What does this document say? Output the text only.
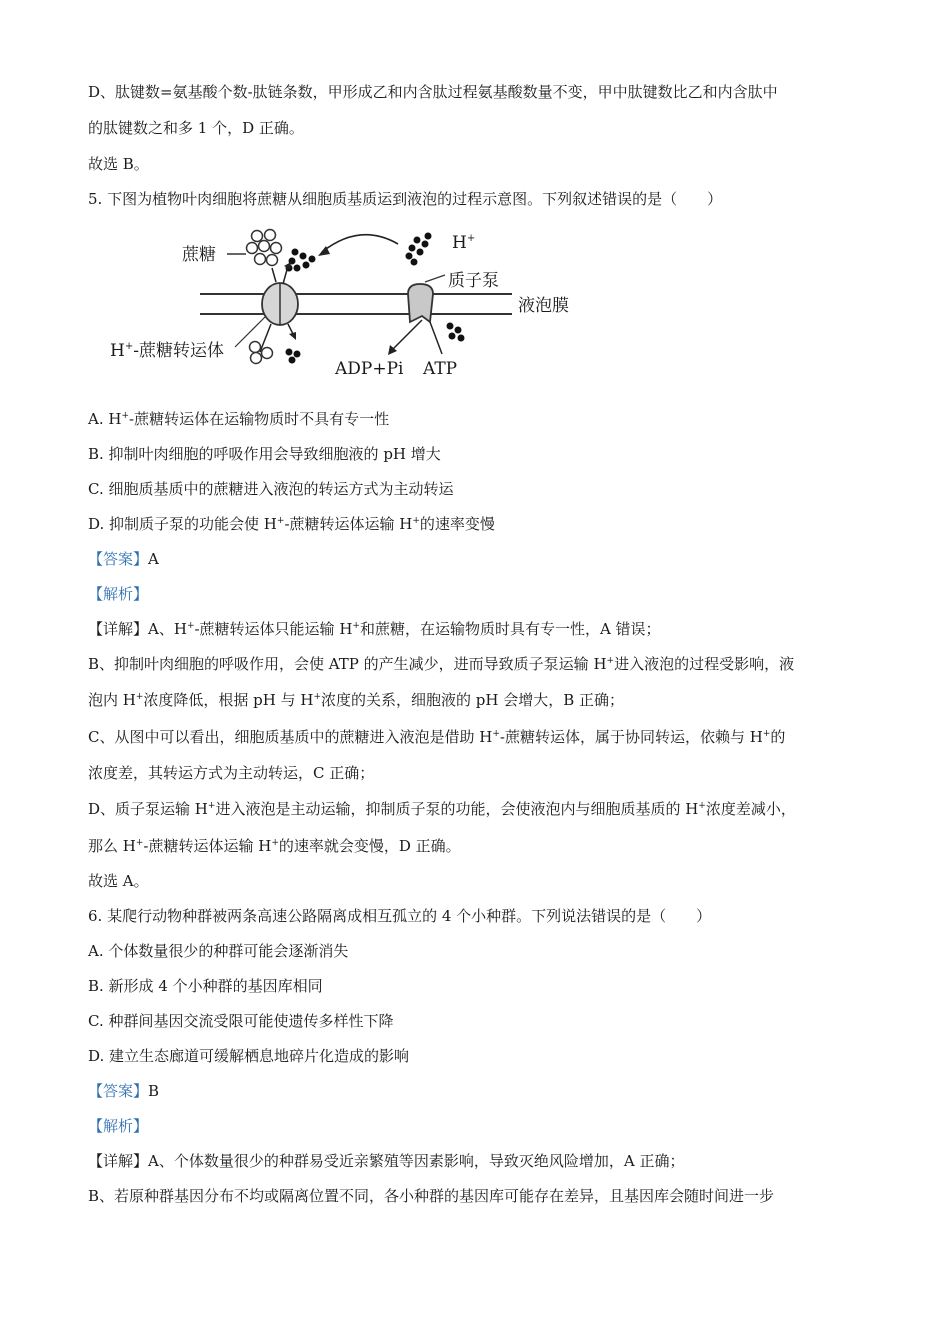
D、肽键数=氨基酸个数-肽链条数，甲形成乙和内含肽过程氨基酸数量不变，甲中肽键数比乙和内含肽中
的肽键数之和多 1 个，D 正确。
故选 B。
5. 下图为植物叶肉细胞将蔗糖从细胞质基质运到液泡的过程示意图。下列叙述错误的是（　　）
蔗糖
H+
质子泵
液泡膜
H+-蔗糖转运体
ADP+Pi ATP
A. H+-蔗糖转运体在运输物质时不具有专一性
B. 抑制叶肉细胞的呼吸作用会导致细胞液的 pH 增大
C. 细胞质基质中的蔗糖进入液泡的转运方式为主动转运
D. 抑制质子泵的功能会使 H+-蔗糖转运体运输 H+的速率变慢
【答案】A
【解析】
【详解】A、H+-蔗糖转运体只能运输 H+和蔗糖，在运输物质时具有专一性，A 错误；
B、抑制叶肉细胞的呼吸作用，会使 ATP 的产生减少，进而导致质子泵运输 H+进入液泡的过程受影响，液
泡内 H+浓度降低，根据 pH 与 H+浓度的关系，细胞液的 pH 会增大，B 正确；
C、从图中可以看出，细胞质基质中的蔗糖进入液泡是借助 H+-蔗糖转运体，属于协同转运，依赖与 H+的
浓度差，其转运方式为主动转运，C 正确；
D、质子泵运输 H+进入液泡是主动运输，抑制质子泵的功能，会使液泡内与细胞质基质的 H+浓度差减小，
那么 H+-蔗糖转运体运输 H+的速率就会变慢，D 正确。
故选 A。
6. 某爬行动物种群被两条高速公路隔离成相互孤立的 4 个小种群。下列说法错误的是（　　）
A. 个体数量很少的种群可能会逐渐消失
B. 新形成 4 个小种群的基因库相同
C. 种群间基因交流受限可能使遗传多样性下降
D. 建立生态廊道可缓解栖息地碎片化造成的影响
【答案】B
【解析】
【详解】A、个体数量很少的种群易受近亲繁殖等因素影响，导致灭绝风险增加，A 正确；
B、若原种群基因分布不均或隔离位置不同，各小种群的基因库可能存在差异，且基因库会随时间进一步
